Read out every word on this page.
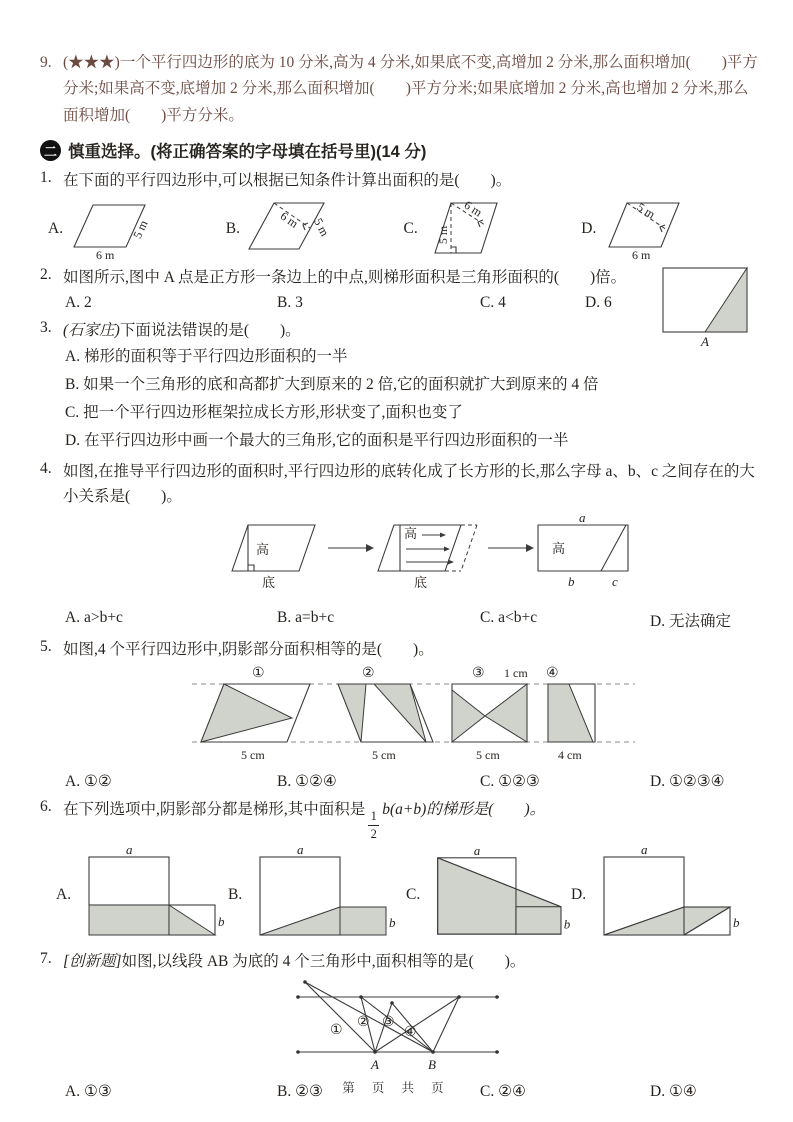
9. (★★★)一个平行四边形的底为 10 分米,高为 4 分米,如果底不变,高增加 2 分米,那么面积增加(　　)平方分米;如果高不变,底增加 2 分米,那么面积增加(　　)平方分米;如果底增加 2 分米,高也增加 2 分米,那么面积增加(　　)平方分米。
二 慎重选择。(将正确答案的字母填在括号里)(14 分)
1. 在下面的平行四边形中,可以根据已知条件计算出面积的是(　　)。
A.
6 m
5 m	B.	6 m 5 m	C. 5 m
6 m
D.
5 m
6 m
2. 如图所示,图中 A 点是正方形一条边上的中点,则梯形面积是三角形面积的(　　)倍。
A. 2	B. 3	C. 4	D. 6
A
3. (石家庄)下面说法错误的是(　　)。
A. 梯形的面积等于平行四边形面积的一半
B. 如果一个三角形的底和高都扩大到原来的 2 倍,它的面积就扩大到原来的 4 倍
C. 把一个平行四边形框架拉成长方形,形状变了,面积也变了
D. 在平行四边形中画一个最大的三角形,它的面积是平行四边形面积的一半
4. 如图,在推导平行四边形的面积时,平行四边形的底转化成了长方形的长,那么字母 a、b、c 之间存在的大小关系是(　　)。
高
底
高
底
a
高
b	c
A. a>b+c	B. a=b+c	C. a<b+c	D. 无法确定
5. 如图,4 个平行四边形中,阴影部分面积相等的是(　　)。
①	②	③ 1 cm ④
5 cm	5 cm	5 cm	4 cm
A. ①②	B. ①②④	C. ①②③	D. ①②③④
6. 在下列选项中,阴影部分都是梯形,其中面积是
$\frac{1}{2}$
b(a+b)的梯形是(　　)。
A.
a
b
B.
a
b
C.
a
b
D.
a
b
7. [创新题]如图,以线段 AB 为底的 4 个三角形中,面积相等的是(　　)。
①
② ③
④
A	B
A. ①③	B. ②③	C. ②④	D. ①④
第 页 共 页
